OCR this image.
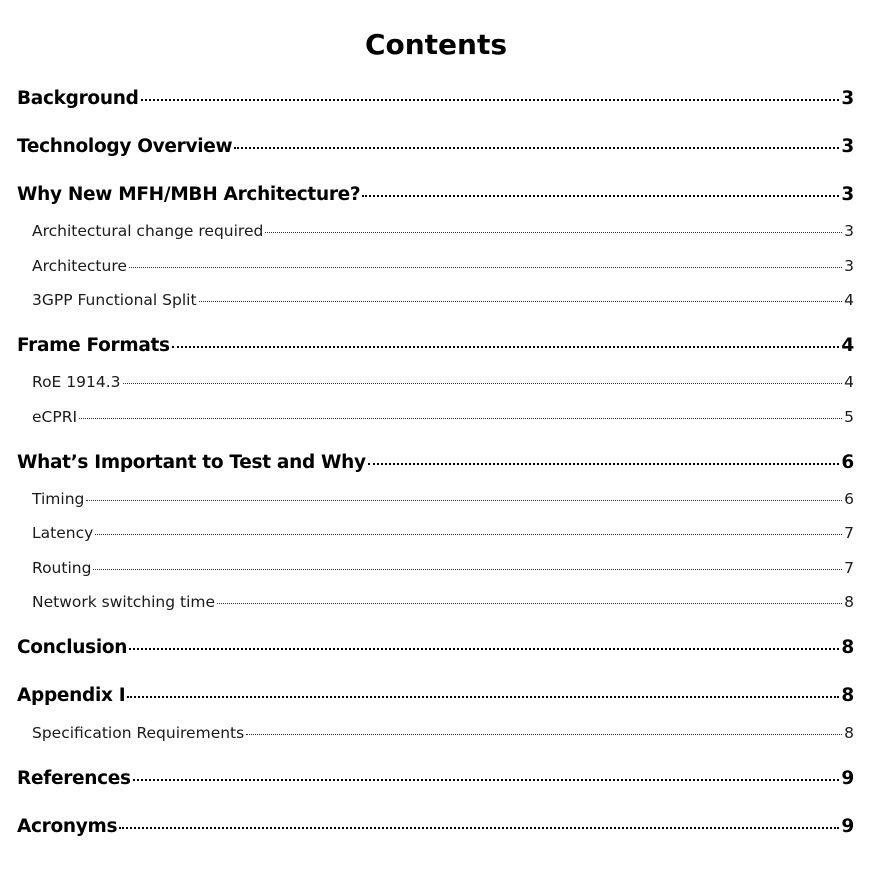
Contents
Background	3
Technology Overview	3
Why New MFH/MBH Architecture?	3
Architectural change required	3
Architecture	3
3GPP Functional Split	4
Frame Formats	4
RoE 1914.3	4
eCPRI	5
What’s Important to Test and Why	6
Timing	6
Latency	7
Routing	7
Network switching time	8
Conclusion	8
Appendix I	8
Specification Requirements	8
References	9
Acronyms	9
